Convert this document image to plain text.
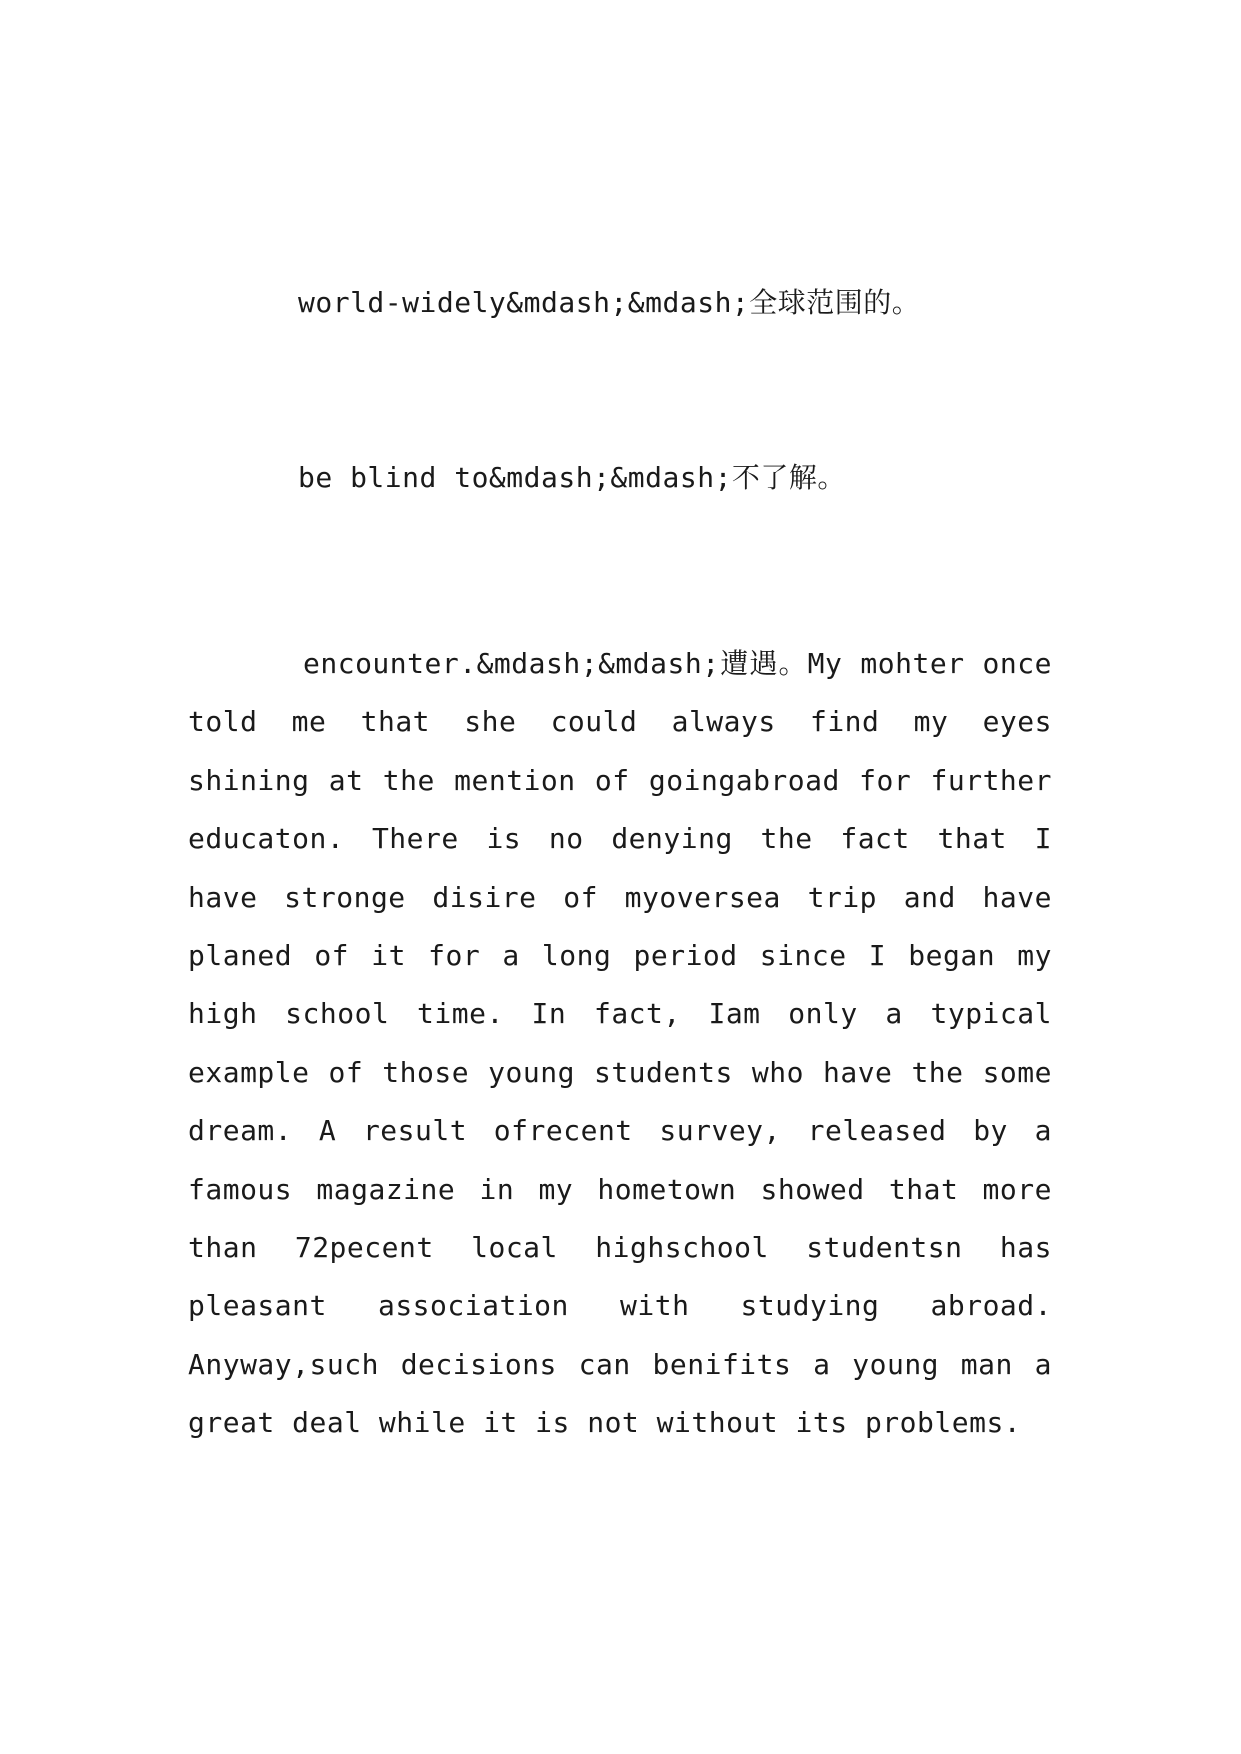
world-widely&mdash;&mdash;全球范围的。
be blind to&mdash;&mdash;不了解。

encounter.&mdash;&mdash;遭遇。My mohter once told me that she could always find my eyes shining at the mention of goingabroad for further educaton. There is no denying the fact that I have stronge disire of myoversea trip and have planed of it for a long period since I began my high school time. In fact, Iam only a typical example of those young students who have the some dream. A result ofrecent survey, released by a famous magazine in my hometown showed that more than 72pecent local highschool studentsn has pleasant association with studying abroad. Anyway,such decisions can benifits a young man a great deal while it is not without its problems.
